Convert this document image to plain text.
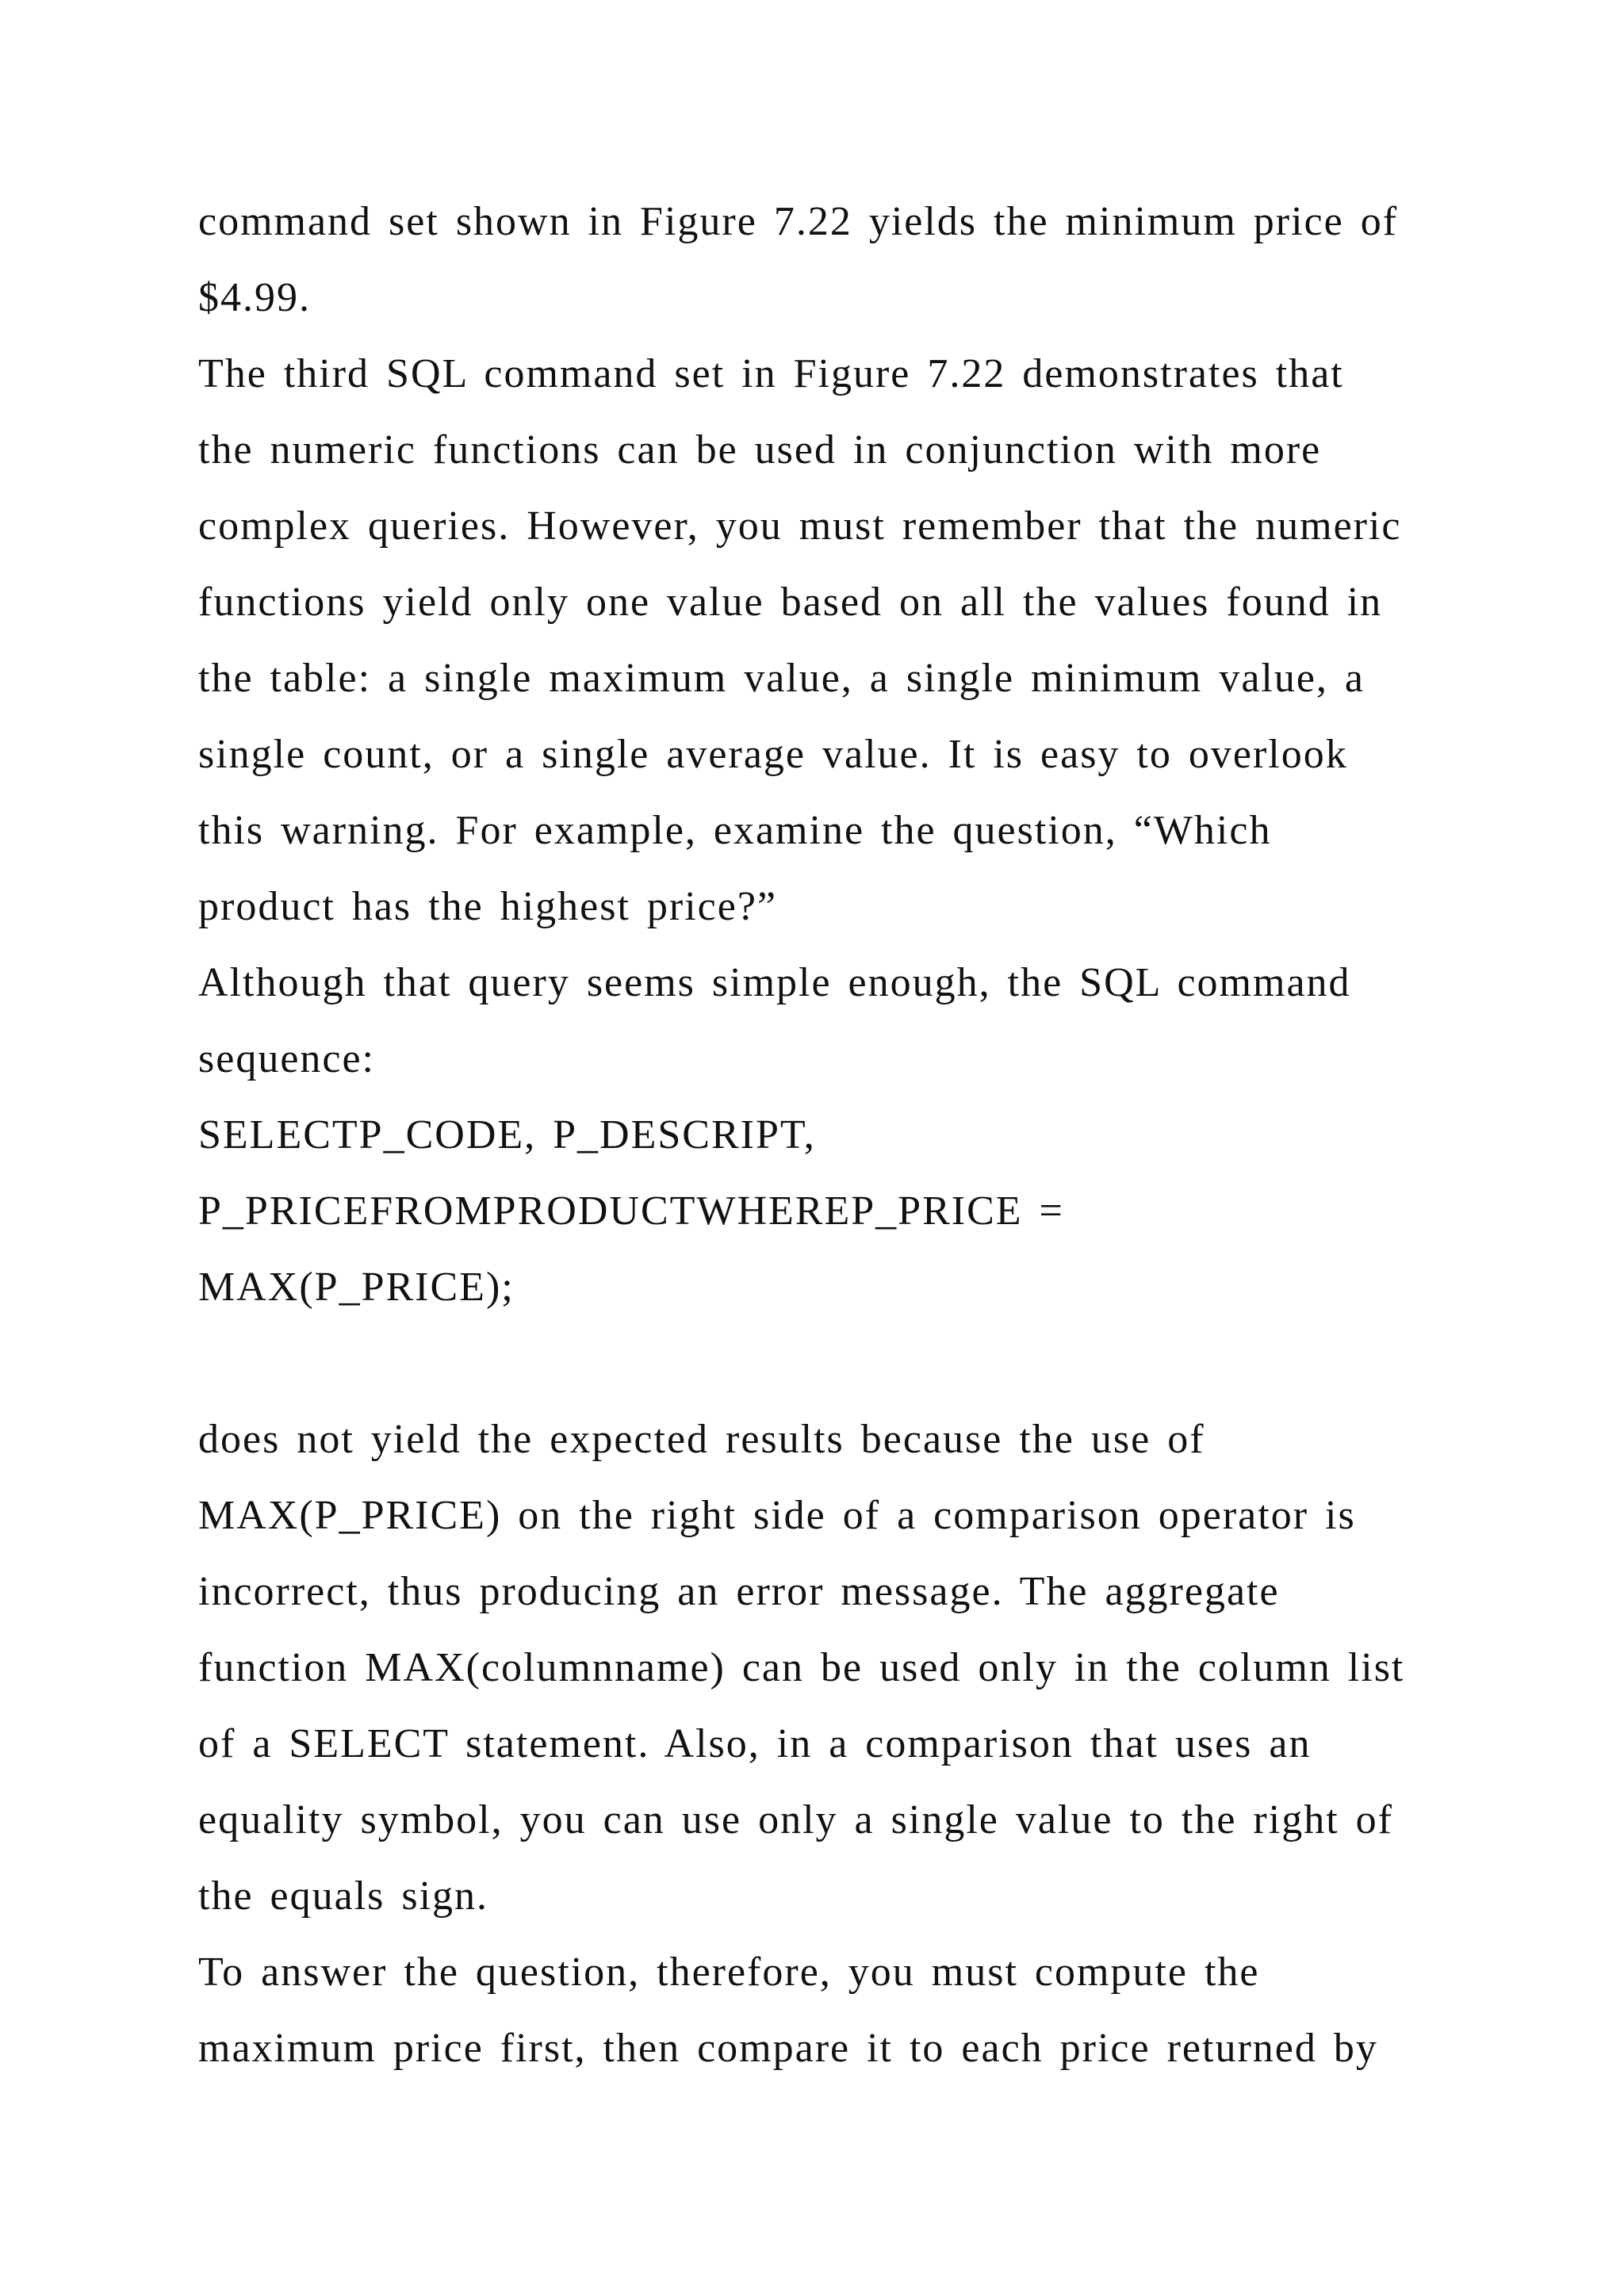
command set shown in Figure 7.22 yields the minimum price of
$4.99.
The third SQL command set in Figure 7.22 demonstrates that
the numeric functions can be used in conjunction with more
complex queries. However, you must remember that the numeric
functions yield only one value based on all the values found in
the table: a single maximum value, a single minimum value, a
single count, or a single average value. It is easy to overlook
this warning. For example, examine the question, “Which
product has the highest price?”
Although that query seems simple enough, the SQL command
sequence:
SELECTP_CODE, P_DESCRIPT,
P_PRICEFROMPRODUCTWHEREP_PRICE =
MAX(P_PRICE);
does not yield the expected results because the use of
MAX(P_PRICE) on the right side of a comparison operator is
incorrect, thus producing an error message. The aggregate
function MAX(columnname) can be used only in the column list
of a SELECT statement. Also, in a comparison that uses an
equality symbol, you can use only a single value to the right of
the equals sign.
To answer the question, therefore, you must compute the
maximum price first, then compare it to each price returned by
